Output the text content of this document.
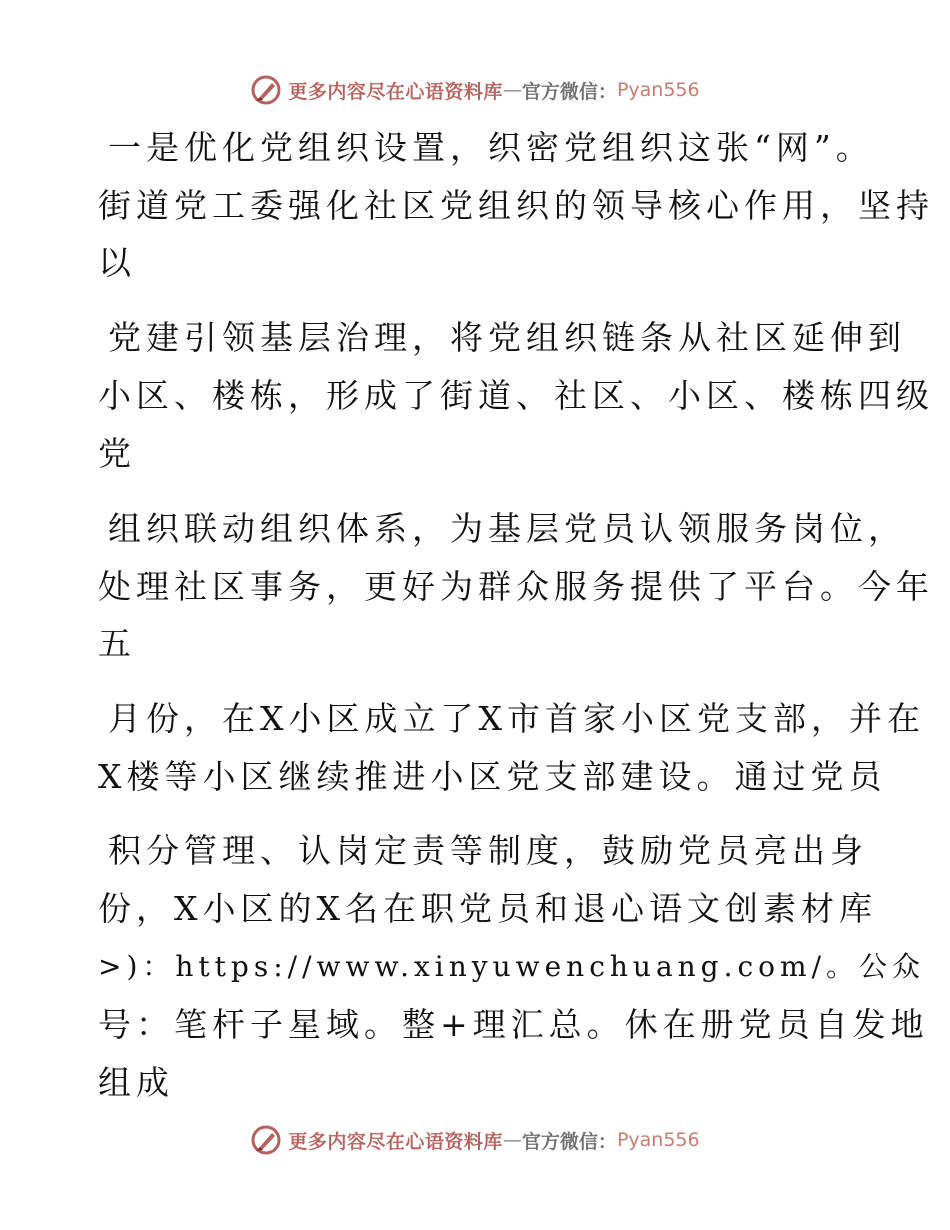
更多内容尽在心语资料库 — 官方微信： Pyan556
一是优化党组织设置，织密党组织这张“网”。
街道党工委强化社区党组织的领导核心作用，坚持
以
党建引领基层治理，将党组织链条从社区延伸到
小区、楼栋，形成了街道、社区、小区、楼栋四级
党
组织联动组织体系，为基层党员认领服务岗位，
处理社区事务，更好为群众服务提供了平台。今年
五
月份，在X小区成立了X市首家小区党支部，并在
X楼等小区继续推进小区党支部建设。通过党员
积分管理、认岗定责等制度，鼓励党员亮出身
份，X小区的X名在职党员和退心语文创素材库
>)：https://www.xinyuwenchuang.com/。公众
号：笔杆子星域。整+理汇总。休在册党员自发地
组成
更多内容尽在心语资料库 — 官方微信： Pyan556
